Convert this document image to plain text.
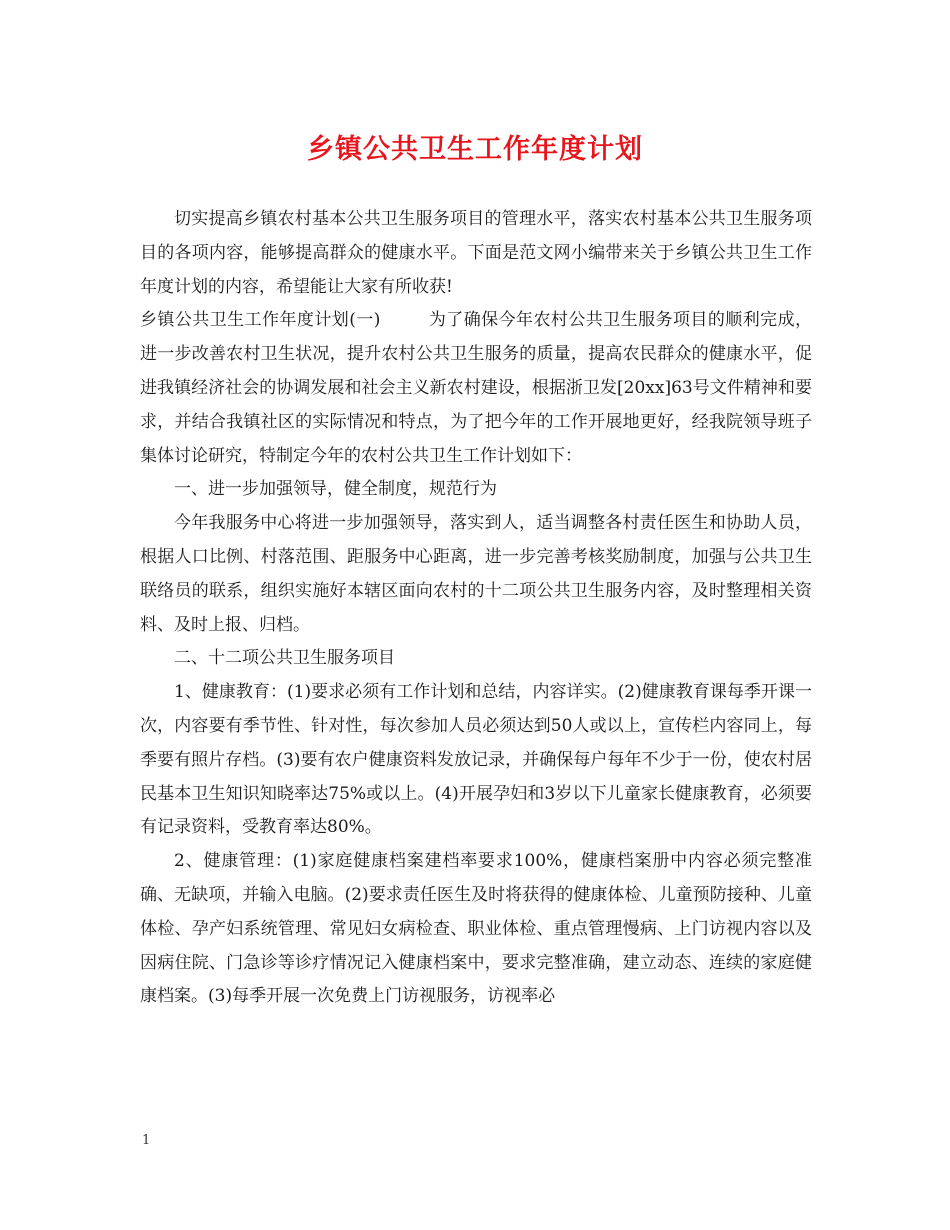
乡镇公共卫生工作年度计划

切实提高乡镇农村基本公共卫生服务项目的管理水平，落实农村基本公共卫生服务项目的各项内容，能够提高群众的健康水平。下面是范文网小编带来关于乡镇公共卫生工作年度计划的内容，希望能让大家有所收获!

乡镇公共卫生工作年度计划(一)	为了确保今年农村公共卫生服务项目的顺利完成，进一步改善农村卫生状况，提升农村公共卫生服务的质量，提高农民群众的健康水平，促进我镇经济社会的协调发展和社会主义新农村建设，根据浙卫发[20xx]63号文件精神和要求，并结合我镇社区的实际情况和特点，为了把今年的工作开展地更好，经我院领导班子集体讨论研究，特制定今年的农村公共卫生工作计划如下：

一、进一步加强领导，健全制度，规范行为

今年我服务中心将进一步加强领导，落实到人，适当调整各村责任医生和协助人员，根据人口比例、村落范围、距服务中心距离，进一步完善考核奖励制度，加强与公共卫生联络员的联系，组织实施好本辖区面向农村的十二项公共卫生服务内容，及时整理相关资料、及时上报、归档。

二、十二项公共卫生服务项目

1、健康教育：(1)要求必须有工作计划和总结，内容详实。(2)健康教育课每季开课一次，内容要有季节性、针对性，每次参加人员必须达到50人或以上，宣传栏内容同上，每季要有照片存档。(3)要有农户健康资料发放记录，并确保每户每年不少于一份，使农村居民基本卫生知识知晓率达75%或以上。(4)开展孕妇和3岁以下儿童家长健康教育，必须要有记录资料，受教育率达80%。

2、健康管理：(1)家庭健康档案建档率要求100%，健康档案册中内容必须完整准确、无缺项，并输入电脑。(2)要求责任医生及时将获得的健康体检、儿童预防接种、儿童体检、孕产妇系统管理、常见妇女病检查、职业体检、重点管理慢病、上门访视内容以及因病住院、门急诊等诊疗情况记入健康档案中，要求完整准确，建立动态、连续的家庭健康档案。(3)每季开展一次免费上门访视服务，访视率必

1
